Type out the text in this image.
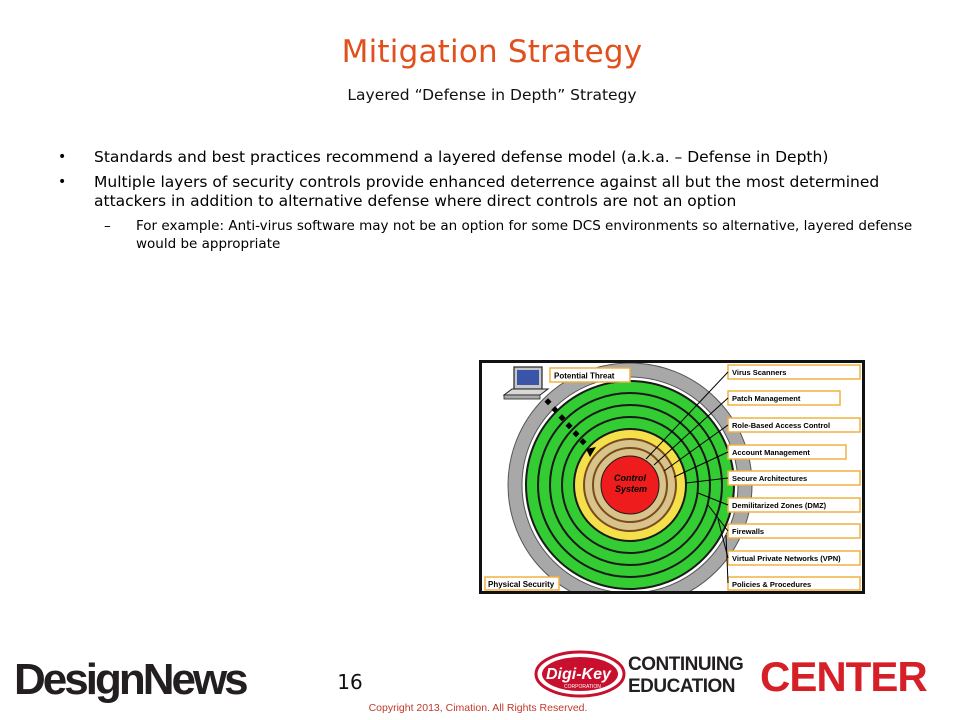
Mitigation Strategy
Layered “Defense in Depth” Strategy
• Standards and best practices recommend a layered defense model (a.k.a. – Defense in Depth)
• Multiple layers of security controls provide enhanced deterrence against all but the most determined attackers in addition to alternative defense where direct controls are not an option
– For example: Anti-virus software may not be an option for some DCS environments so alternative, layered defense would be appropriate
Control
System
Potential Threat
Physical Security
Virus Scanners
Patch Management
Role-Based Access Control
Account Management
Secure Architectures
Demilitarized Zones (DMZ)
Firewalls
Virtual Private Networks (VPN)
Policies & Procedures
DesignNews	16	Digi-Key
CORPORATION
CONTINUING
EDUCATION CENTER
Copyright 2013, Cimation. All Rights Reserved.
